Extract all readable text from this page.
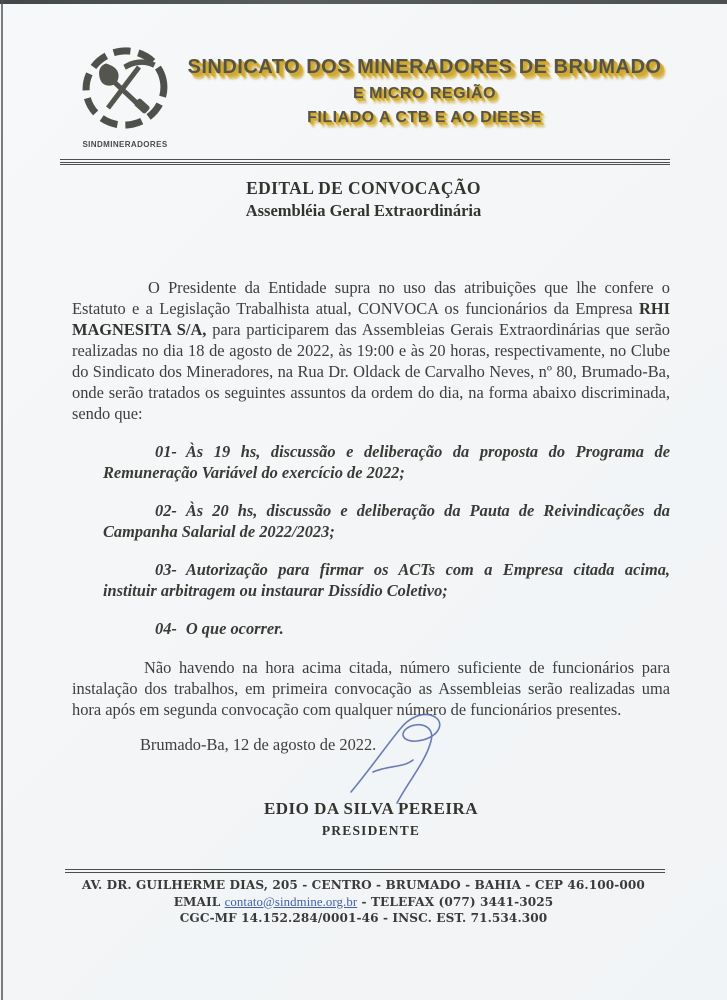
SINDMINERADORES
SINDICATO DOS MINERADORES DE BRUMADO
E MICRO REGIÃO
FILIADO A CTB E AO DIEESE
EDITAL DE CONVOCAÇÃO
Assembléia Geral Extraordinária

O Presidente da Entidade supra no uso das atribuições que lhe confere o Estatuto e a Legislação Trabalhista atual, CONVOCA os funcionários da Empresa RHI MAGNESITA S/A, para participarem das Assembleias Gerais Extraordinárias que serão realizadas no dia 18 de agosto de 2022, às 19:00 e às 20 horas, respectivamente, no Clube do Sindicato dos Mineradores, na Rua Dr. Oldack de Carvalho Neves, nº 80, Brumado-Ba, onde serão tratados os seguintes assuntos da ordem do dia, na forma abaixo discriminada, sendo que:

01- Às 19 hs, discussão e deliberação da proposta do Programa de Remuneração Variável do exercício de 2022;

02- Às 20 hs, discussão e deliberação da Pauta de Reivindicações da Campanha Salarial de 2022/2023;

03- Autorização para firmar os ACTs com a Empresa citada acima, instituir arbitragem ou instaurar Dissídio Coletivo;

04- O que ocorrer.

Não havendo na hora acima citada, número suficiente de funcionários para instalação dos trabalhos, em primeira convocação as Assembleias serão realizadas uma hora após em segunda convocação com qualquer número de funcionários presentes.

Brumado-Ba, 12 de agosto de 2022.

EDIO DA SILVA PEREIRA
PRESIDENTE
AV. DR. GUILHERME DIAS, 205 - CENTRO - BRUMADO - BAHIA - CEP 46.100-000
EMAIL contato@sindmine.org.br - TELEFAX (077) 3441-3025
CGC-MF 14.152.284/0001-46 - INSC. EST. 71.534.300
